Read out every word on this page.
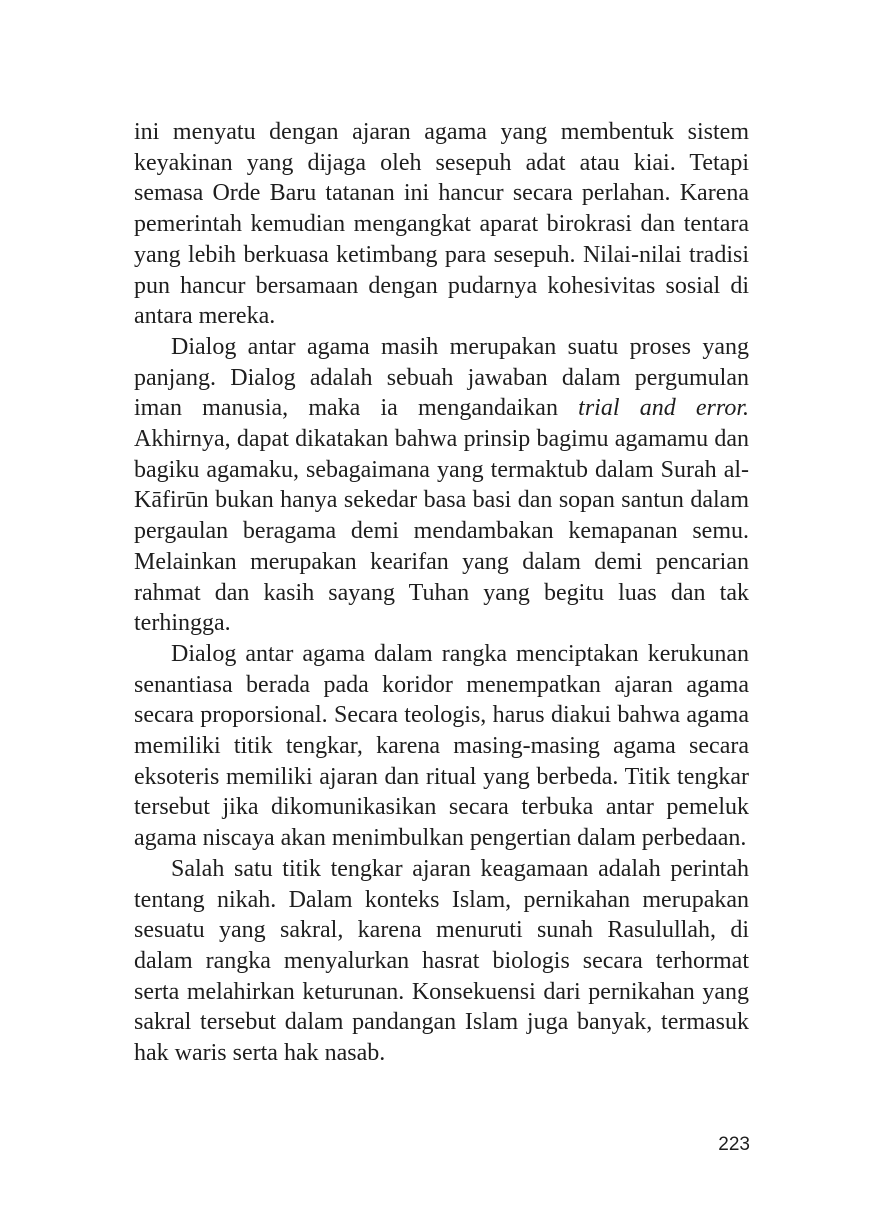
ini menyatu dengan ajaran agama yang membentuk sistem keyakinan yang dijaga oleh sesepuh adat atau kiai. Tetapi semasa Orde Baru tatanan ini hancur secara perlahan. Karena pemerintah kemudian mengangkat aparat birokrasi dan tentara yang lebih berkuasa ketimbang para sesepuh. Nilai-nilai tradisi pun hancur bersamaan dengan pudarnya kohesivitas sosial di antara mereka.

Dialog antar agama masih merupakan suatu proses yang panjang. Dialog adalah sebuah jawaban dalam pergumulan iman manusia, maka ia mengandaikan trial and error. Akhirnya, dapat dikatakan bahwa prinsip bagimu agamamu dan bagiku agamaku, sebagaimana yang termaktub dalam Surah al-Kāfirūn bukan hanya sekedar basa basi dan sopan santun dalam pergaulan beragama demi mendambakan kemapanan semu. Melainkan merupakan kearifan yang dalam demi pencarian rahmat dan kasih sayang Tuhan yang begitu luas dan tak terhingga.

Dialog antar agama dalam rangka menciptakan kerukunan senantiasa berada pada koridor menempatkan ajaran agama secara proporsional. Secara teologis, harus diakui bahwa agama memiliki titik tengkar, karena masing-masing agama secara eksoteris memiliki ajaran dan ritual yang berbeda. Titik tengkar tersebut jika dikomunikasikan secara terbuka antar pemeluk agama niscaya akan menimbulkan pengertian dalam perbedaan.

Salah satu titik tengkar ajaran keagamaan adalah perintah tentang nikah. Dalam konteks Islam, pernikahan merupakan sesuatu yang sakral, karena menuruti sunah Rasulullah, di dalam rangka menyalurkan hasrat biologis secara terhormat serta melahirkan keturunan. Konsekuensi dari pernikahan yang sakral tersebut dalam pandangan Islam juga banyak, termasuk hak waris serta hak nasab.

223
